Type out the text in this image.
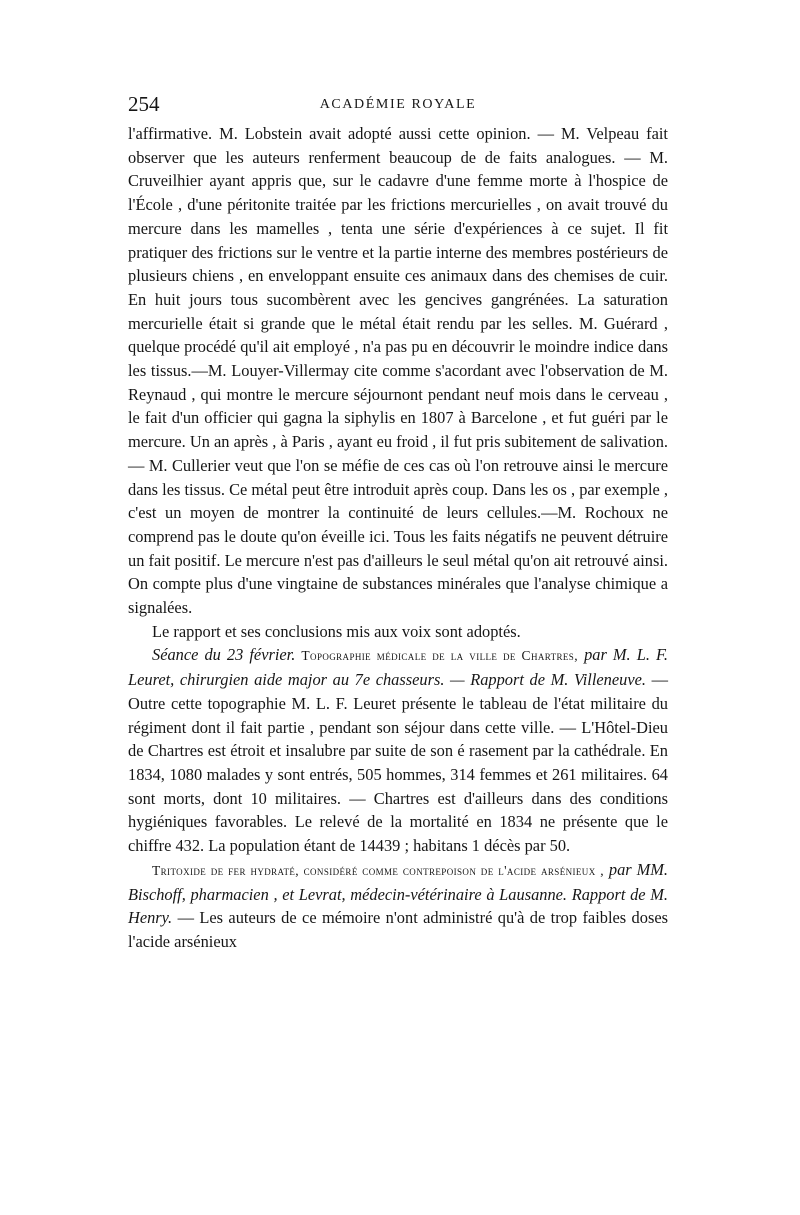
254	ACADÉMIE ROYALE

l'affirmative. M. Lobstein avait adopté aussi cette opinion. — M. Velpeau fait observer que les auteurs renferment beaucoup de de faits analogues. — M. Cruveilhier ayant appris que, sur le cadavre d'une femme morte à l'hospice de l'École , d'une péritonite traitée par les frictions mercurielles , on avait trouvé du mercure dans les mamelles , tenta une série d'expériences à ce sujet. Il fit pratiquer des frictions sur le ventre et la partie interne des membres postérieurs de plusieurs chiens , en enveloppant ensuite ces animaux dans des chemises de cuir. En huit jours tous sucombèrent avec les gencives gangrénées. La saturation mercurielle était si grande que le métal était rendu par les selles. M. Guérard , quelque procédé qu'il ait employé , n'a pas pu en découvrir le moindre indice dans les tissus.—M. Louyer-Villermay cite comme s'acordant avec l'observation de M. Reynaud , qui montre le mercure séjournont pendant neuf mois dans le cerveau , le fait d'un officier qui gagna la siphylis en 1807 à Barcelone , et fut guéri par le mercure. Un an après , à Paris , ayant eu froid , il fut pris subitement de salivation. — M. Cullerier veut que l'on se méfie de ces cas où l'on retrouve ainsi le mercure dans les tissus. Ce métal peut être introduit après coup. Dans les os , par exemple , c'est un moyen de montrer la continuité de leurs cellules.—M. Rochoux ne comprend pas le doute qu'on éveille ici. Tous les faits négatifs ne peuvent détruire un fait positif. Le mercure n'est pas d'ailleurs le seul métal qu'on ait retrouvé ainsi. On compte plus d'une vingtaine de substances minérales que l'analyse chimique a signalées.

Le rapport et ses conclusions mis aux voix sont adoptés.

Séance du 23 février. Topographie médicale de la ville de Chartres, par M. L. F. Leuret, chirurgien aide major au 7e chasseurs. — Rapport de M. Villeneuve. — Outre cette topographie M. L. F. Leuret présente le tableau de l'état militaire du régiment dont il fait partie , pendant son séjour dans cette ville. — L'Hôtel-Dieu de Chartres est étroit et insalubre par suite de son é rasement par la cathédrale. En 1834, 1080 malades y sont entrés, 505 hommes, 314 femmes et 261 militaires. 64 sont morts, dont 10 militaires. — Chartres est d'ailleurs dans des conditions hygiéniques favorables. Le relevé de la mortalité en 1834 ne présente que le chiffre 432. La population étant de 14439 ; habitans 1 décès par 50.

Tritoxide de fer hydraté, considéré comme contrepoison de l'acide arsénieux , par MM. Bischoff, pharmacien , et Levrat, médecin-vétérinaire à Lausanne. Rapport de M. Henry. — Les auteurs de ce mémoire n'ont administré qu'à de trop faibles doses l'acide arsénieux
